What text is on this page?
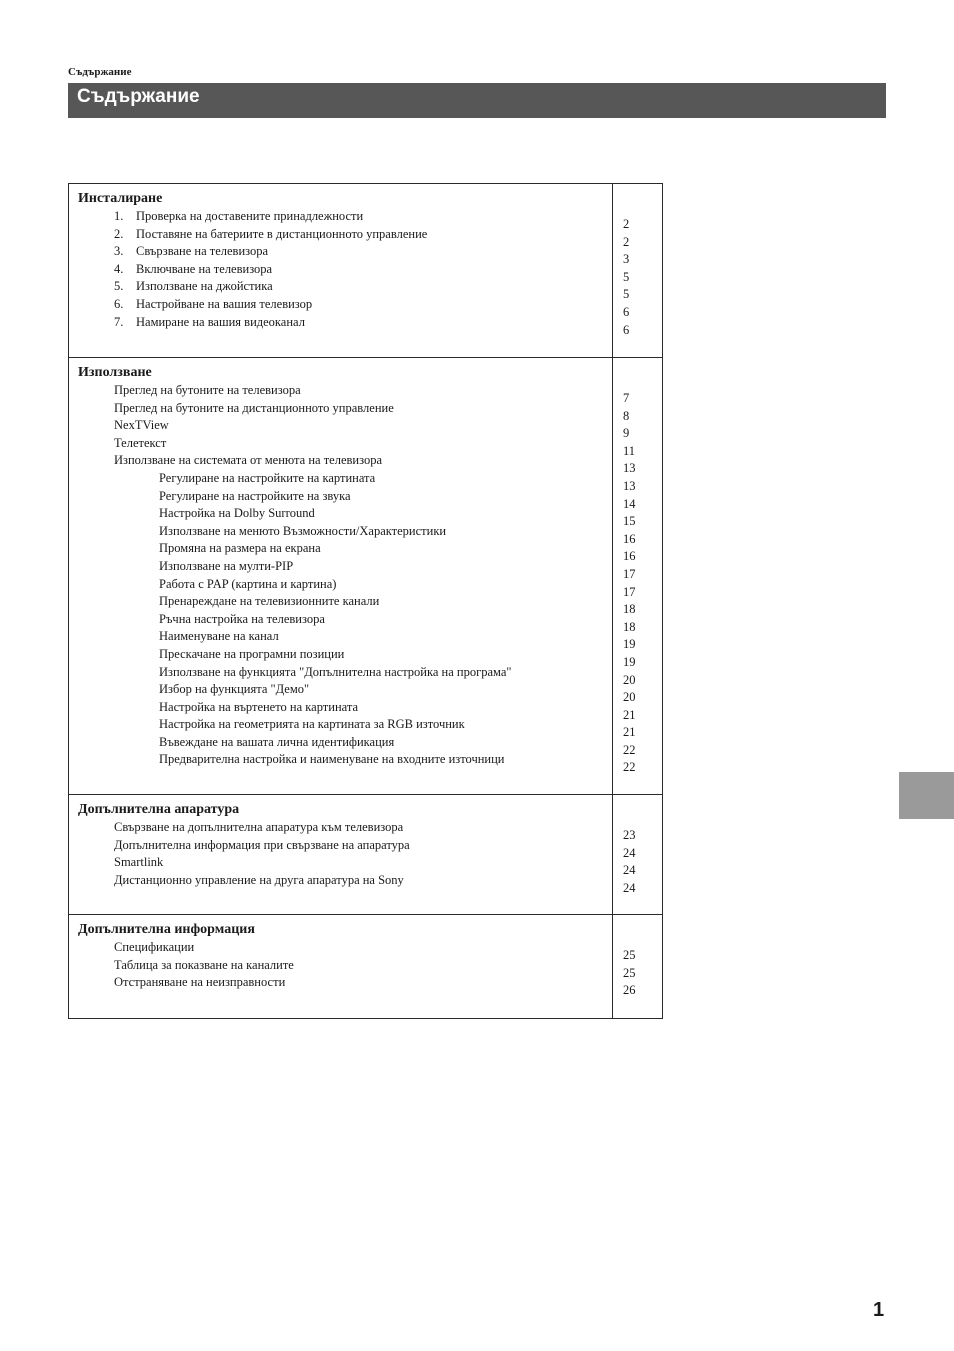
Съдържание
Съдържание
Инсталиране
1. Проверка на доставените принадлежности
2. Поставяне на батериите в дистанционното управление
3. Свързване на телевизора
4. Включване на телевизора
5. Използване на джойстика
6. Настройване на вашия телевизор
7. Намиране на вашия видеоканал
2
2
3
5
5
6
6
Използване
Преглед на бутоните на телевизора
Преглед на бутоните на дистанционното управление
NexTView
Телетекст
Използване на системата от менюта на телевизора
Регулиране на настройките на картината
Регулиране на настройките на звука
Настройка на Dolby Surround
Използване на менюто Възможности/Характеристики
Промяна на размера на екрана
Използване на мулти-PIP
Работа с PAP (картина и картина)
Пренареждане на телевизионните канали
Ръчна настройка на телевизора
Наименуване на канал
Прескачане на програмни позиции
Използване на функцията "Допълнителна настройка на програма"
Избор на функцията "Демо"
Настройка на въртенето на картината
Настройка на геометрията на картината за RGB източник
Въвеждане на вашата лична идентификация
Предварителна настройка и наименуване на входните източници
7
8
9
11
13
13
14
15
16
16
17
17
18
18
19
19
20
20
21
21
22
22
Допълнителна апаратура
Свързване на допълнителна апаратура към телевизора
Допълнителна информация при свързване на апаратура
Smartlink
Дистанционно управление на друга апаратура на Sony
23
24
24
24
Допълнителна информация
Спецификации
Таблица за показване на каналите
Отстраняване на неизправности
25
25
26
1
